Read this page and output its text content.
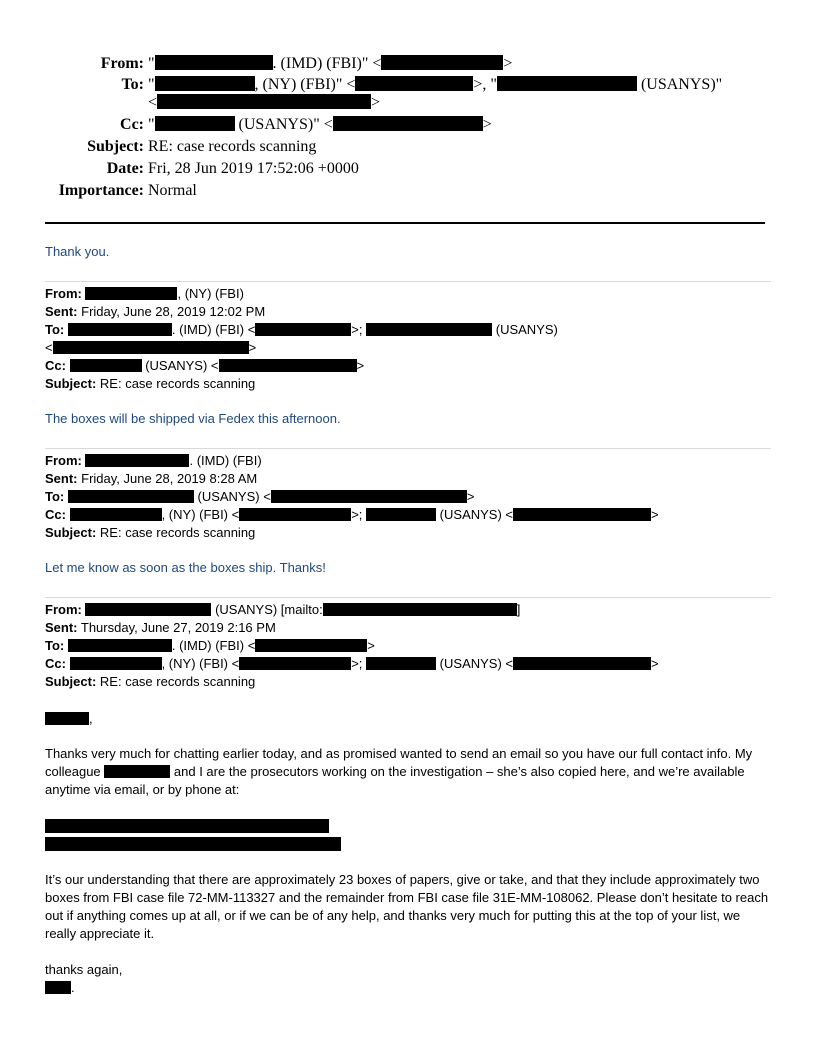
From: "	. (IMD) (FBI)" <	>
To: "	, (NY) (FBI)" <	>, "	(USANYS)"
<	>
Cc: "	(USANYS)" <	>
Subject: RE: case records scanning
Date: Fri, 28 Jun 2019 17:52:06 +0000
Importance: Normal
Thank you.
From:	, (NY) (FBI)
Sent: Friday, June 28, 2019 12:02 PM
To:	. (IMD) (FBI) <	>;	(USANYS)
<	>
Cc:	(USANYS) <	>
Subject: RE: case records scanning
The boxes will be shipped via Fedex this afternoon.
From:	. (IMD) (FBI)
Sent: Friday, June 28, 2019 8:28 AM
To:	(USANYS) <	>
Cc:	, (NY) (FBI) <	>;	(USANYS) <	>
Subject: RE: case records scanning
Let me know as soon as the boxes ship. Thanks!
From:	(USANYS) [mailto:	]
Sent: Thursday, June 27, 2019 2:16 PM
To:	. (IMD) (FBI) <	>
Cc:	, (NY) (FBI) <	>;	(USANYS) <	>
Subject: RE: case records scanning
,
Thanks very much for chatting earlier today, and as promised wanted to send an email so you have our full contact info. My colleague	and I are the prosecutors working on the investigation – she’s also copied here, and we’re available anytime via email, or by phone at:
It’s our understanding that there are approximately 23 boxes of papers, give or take, and that they include approximately two boxes from FBI case file 72-MM-113327 and the remainder from FBI case file 31E-MM-108062. Please don’t hesitate to reach out if anything comes up at all, or if we can be of any help, and thanks very much for putting this at the top of your list, we really appreciate it.
thanks again,
.
